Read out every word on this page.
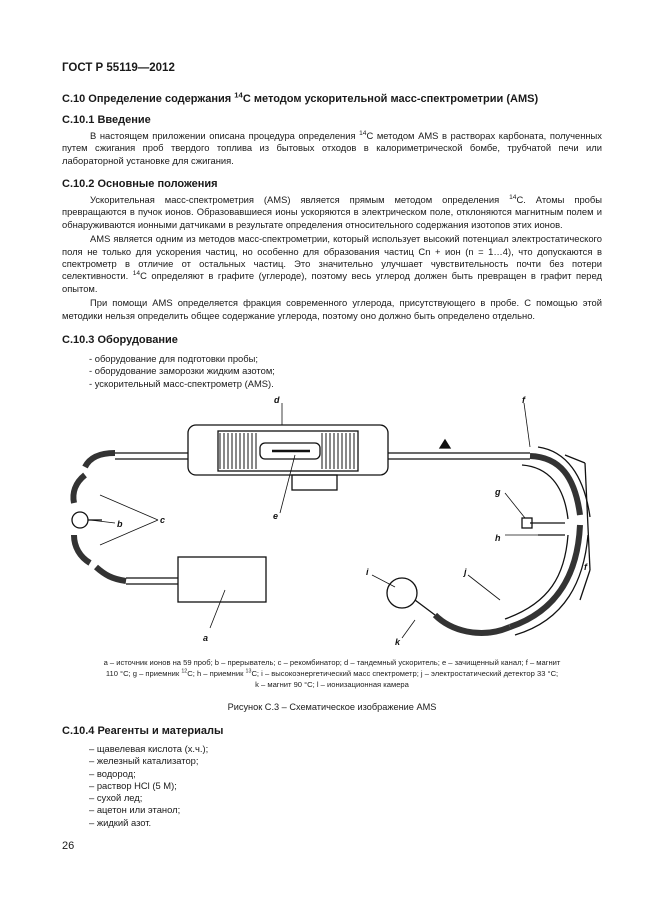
ГОСТ Р 55119—2012
С.10 Определение содержания $^{14}$С методом ускорительной масс-спектрометрии (AMS)
С.10.1 Введение

В настоящем приложении описана процедура определения $^{14}$С методом AMS в растворах карбоната, полученных путем сжигания проб твердого топлива из бытовых отходов в калориметрической бомбе, трубчатой печи или лабораторной установке для сжигания.

С.10.2 Основные положения

Ускорительная масс-спектрометрия (AMS) является прямым методом определения $^{14}$С. Атомы пробы превращаются в пучок ионов. Образовавшиеся ионы ускоряются в электрическом поле, отклоняются магнитным полем и обнаруживаются ионными датчиками в результате определения относительного содержания изотопов этих ионов.

AMS является одним из методов масс-спектрометрии, который использует высокий потенциал электростатического поля не только для ускорения частиц, но особенно для образования частиц Cn + ион (n = 1…4), что допускаются в спектрометр в отличие от остальных частиц. Это значительно улучшает чувствительность почти без потери селективности. $^{14}$С определяют в графите (углероде), поэтому весь углерод должен быть превращен в графит перед опытом.

При помощи AMS определяется фракция современного углерода, присутствующего в пробе. С помощью этой методики нельзя определить общее содержание углерода, поэтому оно должно быть определено отдельно.

С.10.3 Оборудование
- оборудование для подготовки пробы;
- оборудование заморозки жидким азотом;
- ускорительный масс-спектрометр (AMS).
d	f
c
b
e
a
g
h
f
i	j
k
a – источник ионов на 59 проб; b – прерыватель; c – рекомбинатор; d – тандемный ускоритель; e – зачищенный канал; f – магнит
110 °C; g – приемник $^{12}$C; h – приемник $^{13}$C; i – высокоэнергетический масс спектрометр; j – электростатический детектор 33 °C;
k – магнит 90 °C; l – ионизационная камера
Рисунок С.3 – Схематическое изображение AMS
С.10.4 Реагенты и материалы
– щавелевая кислота (х.ч.);
– железный катализатор;
– водород;
– раствор HCl (5 M);
– сухой лед;
– ацетон или этанол;
– жидкий азот.
26
